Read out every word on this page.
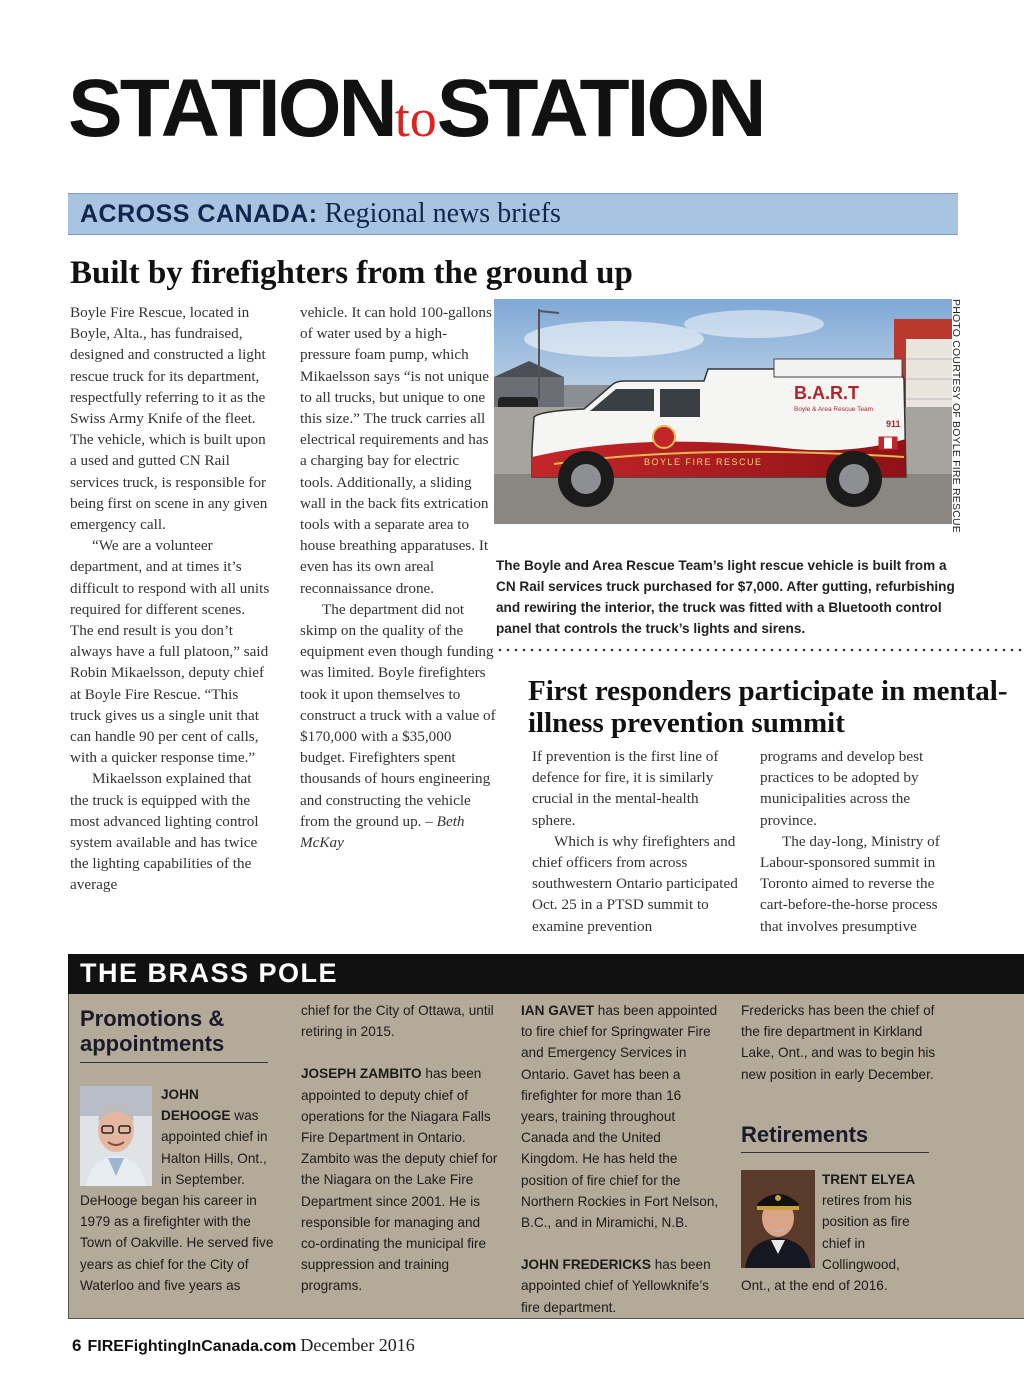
STATIONtoSTATION
ACROSS CANADA: Regional news briefs
Built by firefighters from the ground up

Boyle Fire Rescue, located in Boyle, Alta., has fundraised, designed and constructed a light rescue truck for its department, respectfully referring to it as the Swiss Army Knife of the fleet. The vehicle, which is built upon a used and gutted CN Rail services truck, is responsible for being first on scene in any given emergency call.

“We are a volunteer department, and at times it’s difficult to respond with all units required for different scenes. The end result is you don’t always have a full platoon,” said Robin Mikaelsson, deputy chief at Boyle Fire Rescue. “This truck gives us a single unit that can handle 90 per cent of calls, with a quicker response time.”

Mikaelsson explained that the truck is equipped with the most advanced lighting control system available and has twice the lighting capabilities of the average

vehicle. It can hold 100-gallons of water used by a high-pressure foam pump, which Mikaelsson says “is not unique to all trucks, but unique to one this size.” The truck carries all electrical requirements and has a charging bay for electric tools. Additionally, a sliding wall in the back fits extrication tools with a separate area to house breathing apparatuses. It even has its own areal reconnaissance drone.

The department did not skimp on the quality of the equipment even though funding was limited. Boyle firefighters took it upon themselves to construct a truck with a value of $170,000 with a $35,000 budget. Firefighters spent thousands of hours engineering and constructing the vehicle from the ground up. – Beth McKay

B.A.R.T
Boyle & Area Rescue Team
911
BOYLE FIRE RESCUE	PHOTO COURTESY OF BOYLE FIRE RESCUE
The Boyle and Area Rescue Team’s light rescue vehicle is built from a CN Rail services truck purchased for $7,000. After gutting, refurbishing and rewiring the interior, the truck was fitted with a Bluetooth control panel that controls the truck’s lights and sirens.
First responders participate in mental-illness prevention summit

If prevention is the first line of defence for fire, it is similarly crucial in the mental-health sphere.

Which is why firefighters and chief officers from across southwestern Ontario participated Oct. 25 in a PTSD summit to examine prevention

programs and develop best practices to be adopted by municipalities across the province.

The day-long, Ministry of Labour-sponsored summit in Toronto aimed to reverse the cart-before-the-horse process that involves presumptive

THE BRASS POLE
Promotions & appointments

JOHN DEHOOGE was appointed chief in Halton Hills, Ont., in September.

DeHooge began his career in 1979 as a firefighter with the Town of Oakville. He served five years as chief for the City of Waterloo and five years as

chief for the City of Ottawa, until retiring in 2015.

JOSEPH ZAMBITO has been appointed to deputy chief of operations for the Niagara Falls Fire Department in Ontario. Zambito was the deputy chief for the Niagara on the Lake Fire Department since 2001. He is responsible for managing and co-ordinating the municipal fire suppression and training programs.

IAN GAVET has been appointed to fire chief for Springwater Fire and Emergency Services in Ontario. Gavet has been a firefighter for more than 16 years, training throughout Canada and the United Kingdom. He has held the position of fire chief for the Northern Rockies in Fort Nelson, B.C., and in Miramichi, N.B.

JOHN FREDERICKS has been appointed chief of Yellowknife’s fire department.

Fredericks has been the chief of the fire department in Kirkland Lake, Ont., and was to begin his new position in early December.

Retirements

TRENT ELYEA retires from his position as fire chief in Collingwood,

Ont., at the end of 2016.
6 FIREFightingInCanada.com December 2016
